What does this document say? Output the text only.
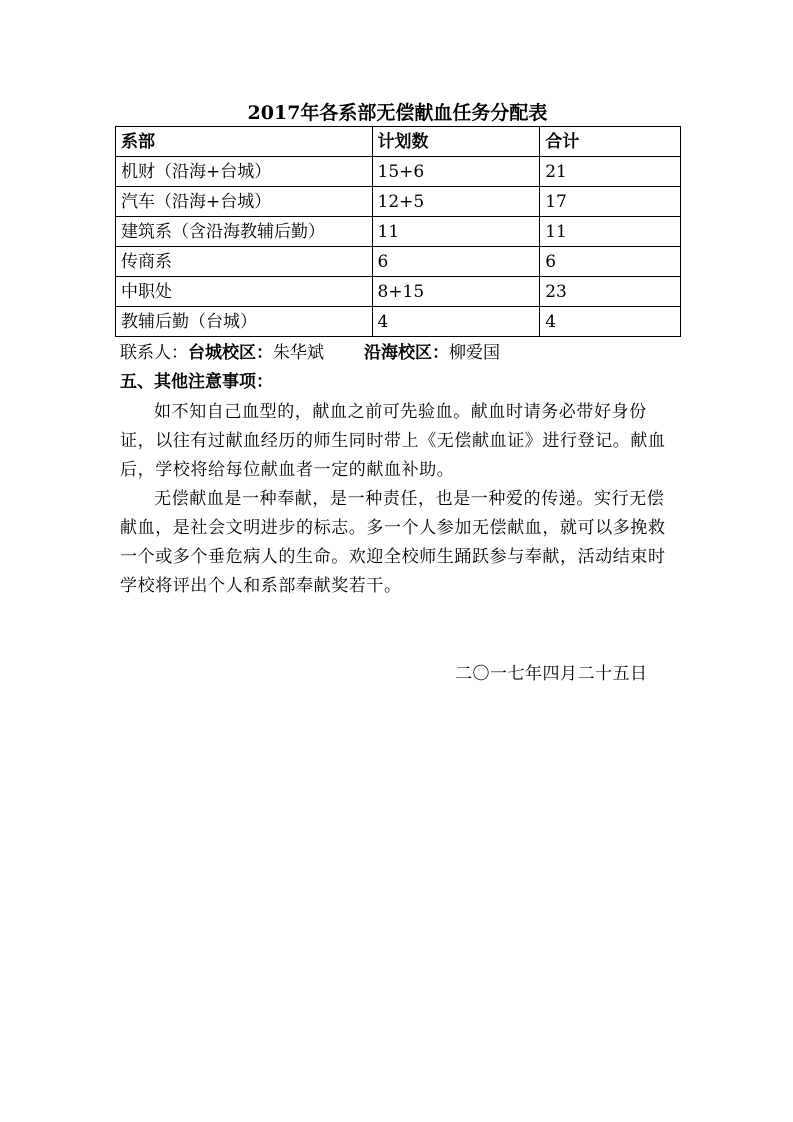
2017年各系部无偿献血任务分配表
系部	计划数	合计
机财（沿海+台城）	15+6	21
汽车（沿海+台城）	12+5	17
建筑系（含沿海教辅后勤）	11	11
传商系	6	6
中职处	8+15	23
教辅后勤（台城）	4	4
联系人：台城校区：朱华斌 沿海校区：柳爱国
五、其他注意事项：

如不知自己血型的，献血之前可先验血。献血时请务必带好身份证，以往有过献血经历的师生同时带上《无偿献血证》进行登记。献血后，学校将给每位献血者一定的献血补助。

无偿献血是一种奉献，是一种责任，也是一种爱的传递。实行无偿献血，是社会文明进步的标志。多一个人参加无偿献血，就可以多挽救一个或多个垂危病人的生命。欢迎全校师生踊跃参与奉献，活动结束时学校将评出个人和系部奉献奖若干。

二〇一七年四月二十五日
